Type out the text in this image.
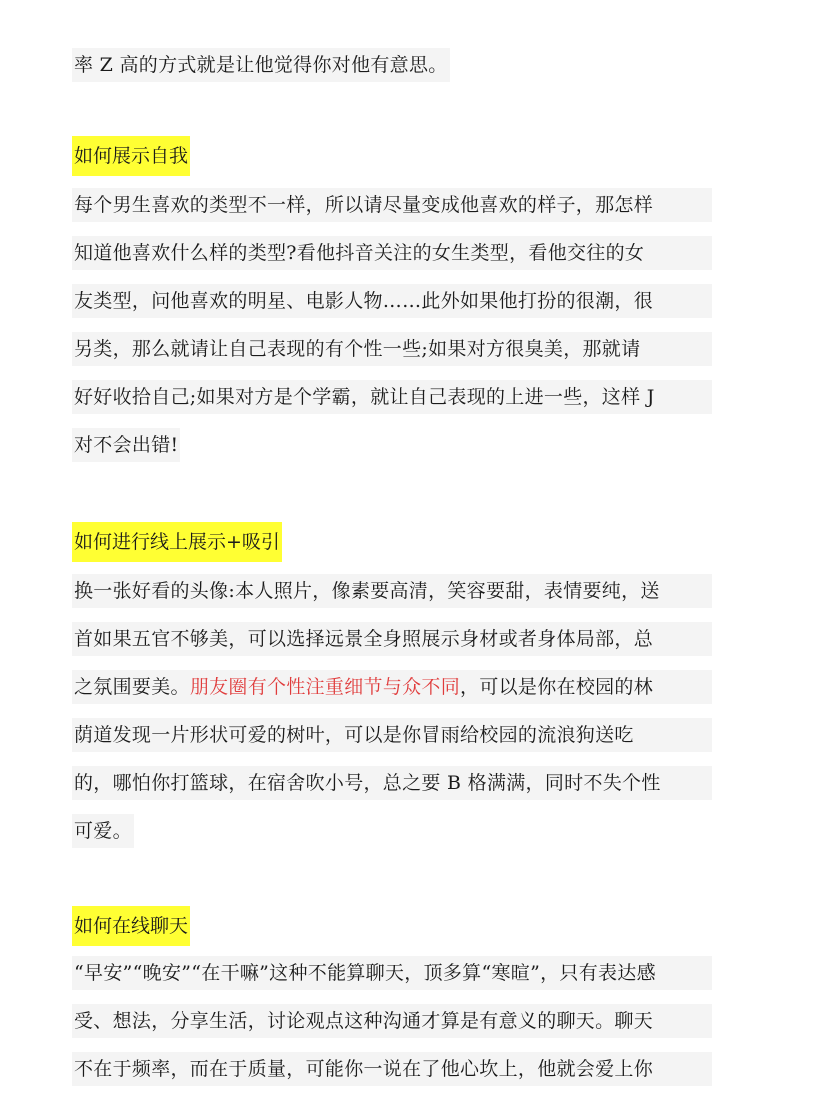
率 Z 高的方式就是让他觉得你对他有意思。
如何展示自我
每个男生喜欢的类型不一样，所以请尽量变成他喜欢的样子，那怎样
知道他喜欢什么样的类型?看他抖音关注的女生类型，看他交往的女
友类型，问他喜欢的明星、电影人物……此外如果他打扮的很潮，很
另类，那么就请让自己表现的有个性一些;如果对方很臭美，那就请
好好收拾自己;如果对方是个学霸，就让自己表现的上进一些，这样 J
对不会出错!
如何进行线上展示+吸引
换一张好看的头像:本人照片，像素要高清，笑容要甜，表情要纯，送
首如果五官不够美，可以选择远景全身照展示身材或者身体局部，总
之氛围要美。朋友圈有个性注重细节与众不同，可以是你在校园的林
荫道发现一片形状可爱的树叶，可以是你冒雨给校园的流浪狗送吃
的，哪怕你打篮球，在宿舍吹小号，总之要 B 格满满，同时不失个性
可爱。
如何在线聊天
“早安”“晚安”“在干嘛”这种不能算聊天，顶多算“寒暄”，只有表达感
受、想法，分享生活，讨论观点这种沟通才算是有意义的聊天。聊天
不在于频率，而在于质量，可能你一说在了他心坎上，他就会爱上你
